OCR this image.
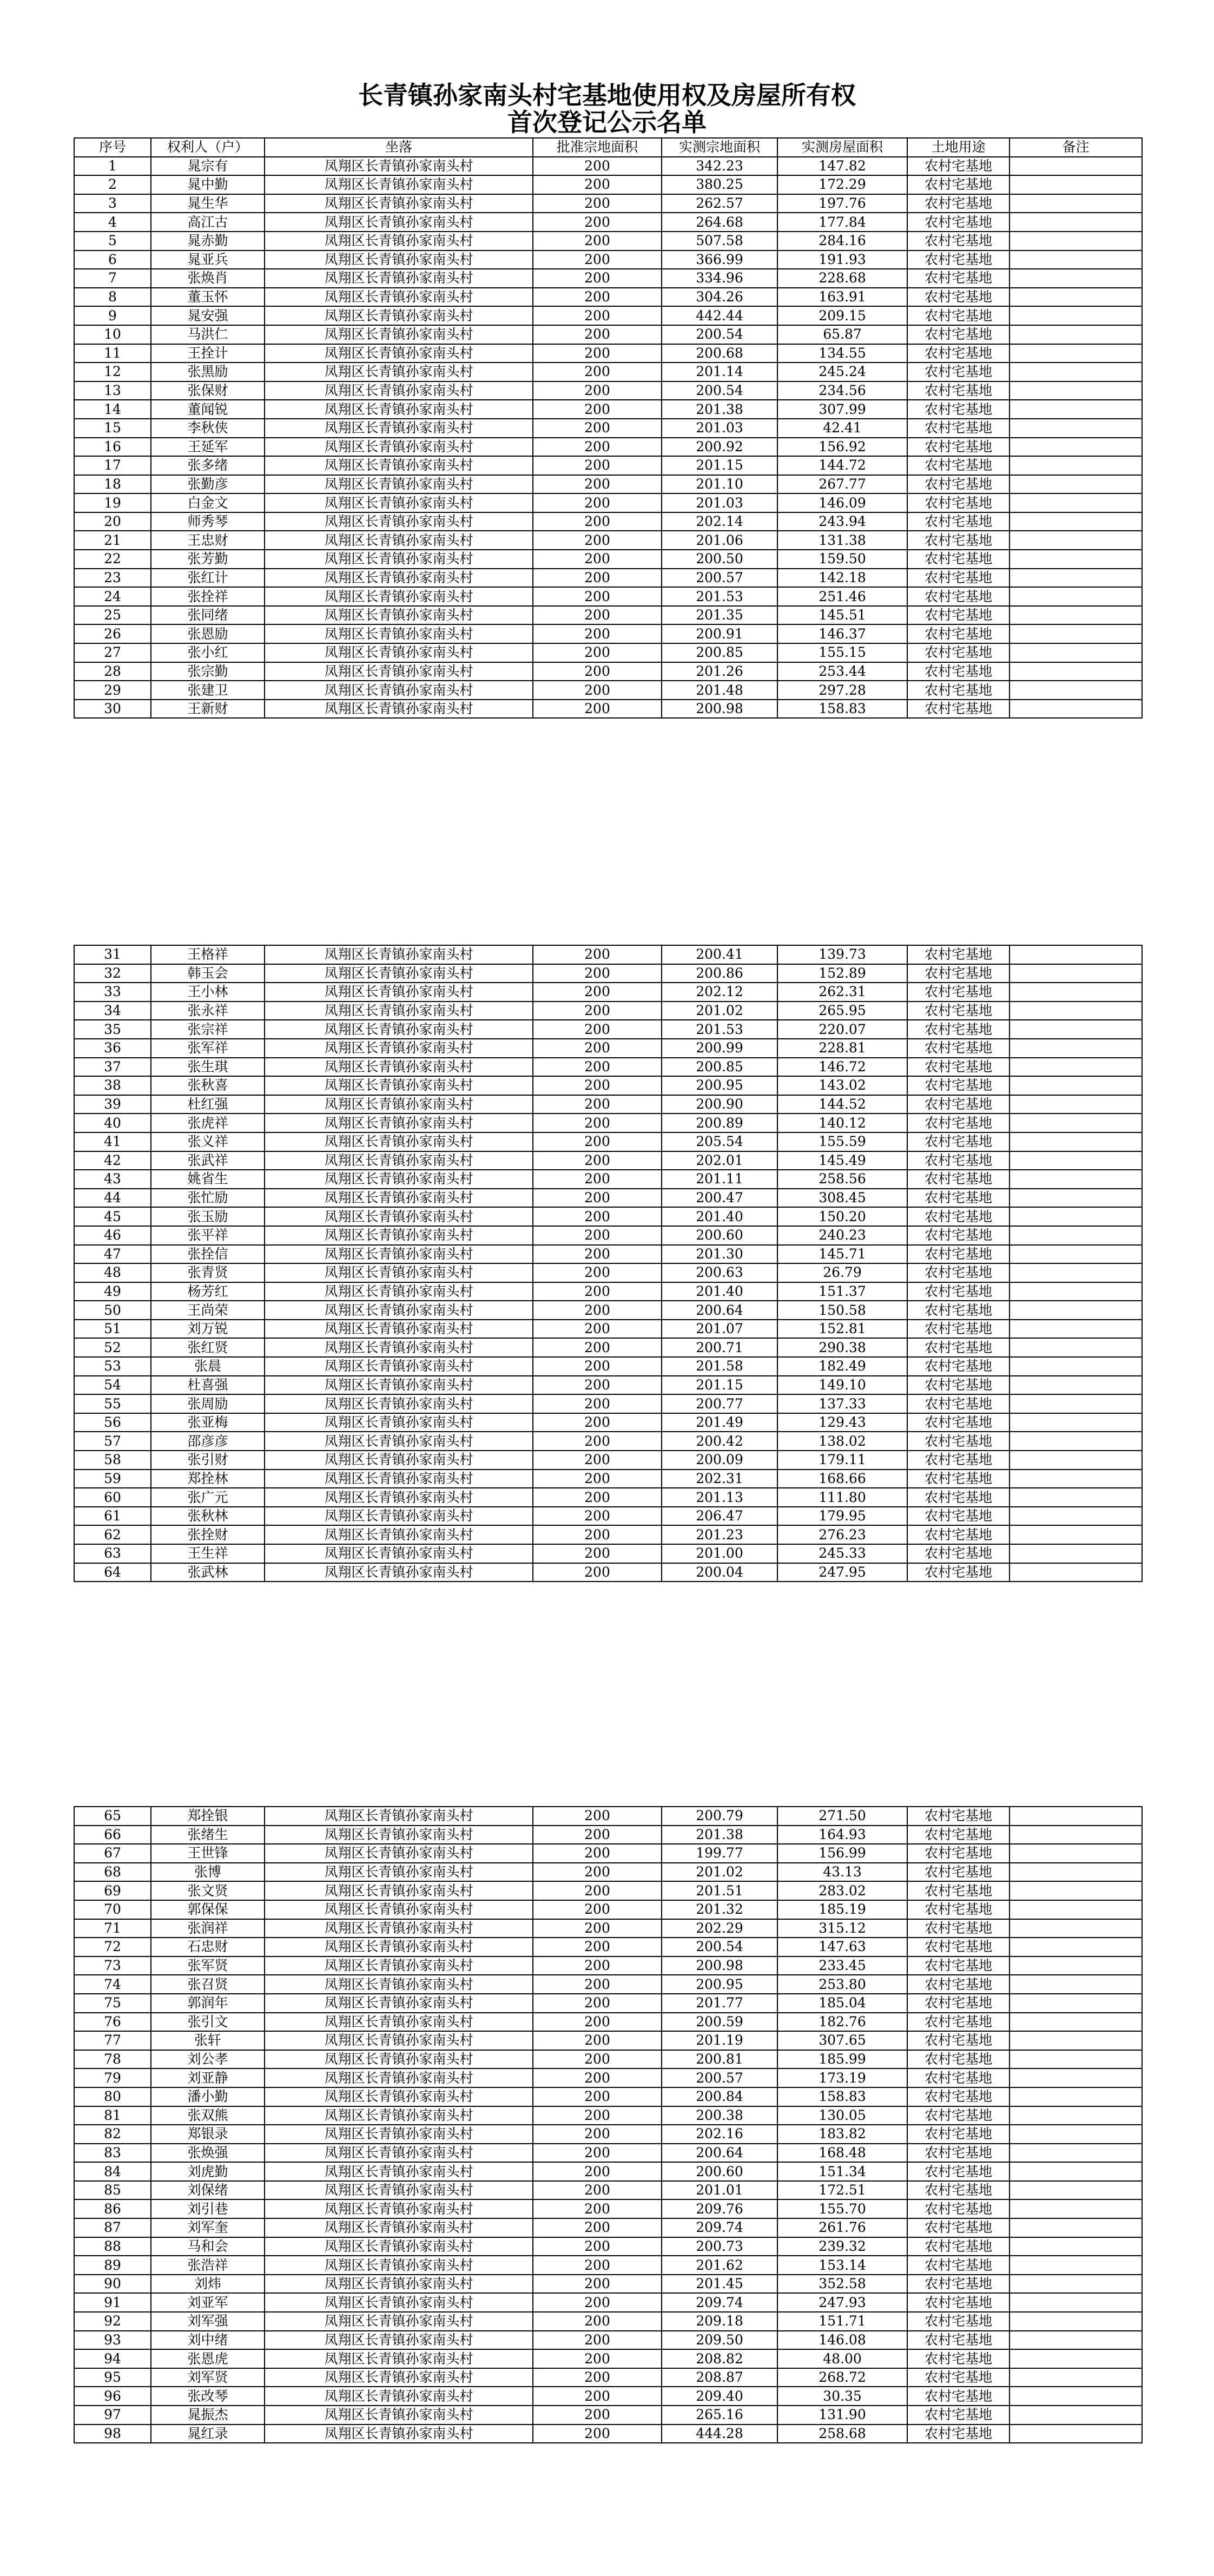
长青镇孙家南头村宅基地使用权及房屋所有权
首次登记公示名单
序号	权利人（户）	坐落	批准宗地面积	实测宗地面积	实测房屋面积	土地用途	备注
1	晁宗有	凤翔区长青镇孙家南头村	200	342.23	147.82	农村宅基地	
2	晁中勤	凤翔区长青镇孙家南头村	200	380.25	172.29	农村宅基地	
3	晁生华	凤翔区长青镇孙家南头村	200	262.57	197.76	农村宅基地	
4	高江古	凤翔区长青镇孙家南头村	200	264.68	177.84	农村宅基地	
5	晁赤勤	凤翔区长青镇孙家南头村	200	507.58	284.16	农村宅基地	
6	晁亚兵	凤翔区长青镇孙家南头村	200	366.99	191.93	农村宅基地	
7	张焕肖	凤翔区长青镇孙家南头村	200	334.96	228.68	农村宅基地	
8	董玉怀	凤翔区长青镇孙家南头村	200	304.26	163.91	农村宅基地	
9	晁安强	凤翔区长青镇孙家南头村	200	442.44	209.15	农村宅基地	
10	马洪仁	凤翔区长青镇孙家南头村	200	200.54	65.87	农村宅基地	
11	王拴计	凤翔区长青镇孙家南头村	200	200.68	134.55	农村宅基地	
12	张黑励	凤翔区长青镇孙家南头村	200	201.14	245.24	农村宅基地	
13	张保财	凤翔区长青镇孙家南头村	200	200.54	234.56	农村宅基地	
14	董闻锐	凤翔区长青镇孙家南头村	200	201.38	307.99	农村宅基地	
15	李秋侠	凤翔区长青镇孙家南头村	200	201.03	42.41	农村宅基地	
16	王延军	凤翔区长青镇孙家南头村	200	200.92	156.92	农村宅基地	
17	张多绪	凤翔区长青镇孙家南头村	200	201.15	144.72	农村宅基地	
18	张勤彦	凤翔区长青镇孙家南头村	200	201.10	267.77	农村宅基地	
19	白金文	凤翔区长青镇孙家南头村	200	201.03	146.09	农村宅基地	
20	师秀琴	凤翔区长青镇孙家南头村	200	202.14	243.94	农村宅基地	
21	王忠财	凤翔区长青镇孙家南头村	200	201.06	131.38	农村宅基地	
22	张芳勤	凤翔区长青镇孙家南头村	200	200.50	159.50	农村宅基地	
23	张红计	凤翔区长青镇孙家南头村	200	200.57	142.18	农村宅基地	
24	张拴祥	凤翔区长青镇孙家南头村	200	201.53	251.46	农村宅基地	
25	张同绪	凤翔区长青镇孙家南头村	200	201.35	145.51	农村宅基地	
26	张恩励	凤翔区长青镇孙家南头村	200	200.91	146.37	农村宅基地	
27	张小红	凤翔区长青镇孙家南头村	200	200.85	155.15	农村宅基地	
28	张宗勤	凤翔区长青镇孙家南头村	200	201.26	253.44	农村宅基地	
29	张建卫	凤翔区长青镇孙家南头村	200	201.48	297.28	农村宅基地	
30	王新财	凤翔区长青镇孙家南头村	200	200.98	158.83	农村宅基地	
31	王格祥	凤翔区长青镇孙家南头村	200	200.41	139.73	农村宅基地	
32	韩玉会	凤翔区长青镇孙家南头村	200	200.86	152.89	农村宅基地	
33	王小林	凤翔区长青镇孙家南头村	200	202.12	262.31	农村宅基地	
34	张永祥	凤翔区长青镇孙家南头村	200	201.02	265.95	农村宅基地	
35	张宗祥	凤翔区长青镇孙家南头村	200	201.53	220.07	农村宅基地	
36	张军祥	凤翔区长青镇孙家南头村	200	200.99	228.81	农村宅基地	
37	张生琪	凤翔区长青镇孙家南头村	200	200.85	146.72	农村宅基地	
38	张秋喜	凤翔区长青镇孙家南头村	200	200.95	143.02	农村宅基地	
39	杜红强	凤翔区长青镇孙家南头村	200	200.90	144.52	农村宅基地	
40	张虎祥	凤翔区长青镇孙家南头村	200	200.89	140.12	农村宅基地	
41	张义祥	凤翔区长青镇孙家南头村	200	205.54	155.59	农村宅基地	
42	张武祥	凤翔区长青镇孙家南头村	200	202.01	145.49	农村宅基地	
43	姚省生	凤翔区长青镇孙家南头村	200	201.11	258.56	农村宅基地	
44	张忙励	凤翔区长青镇孙家南头村	200	200.47	308.45	农村宅基地	
45	张玉励	凤翔区长青镇孙家南头村	200	201.40	150.20	农村宅基地	
46	张平祥	凤翔区长青镇孙家南头村	200	200.60	240.23	农村宅基地	
47	张拴信	凤翔区长青镇孙家南头村	200	201.30	145.71	农村宅基地	
48	张青贤	凤翔区长青镇孙家南头村	200	200.63	26.79	农村宅基地	
49	杨芳红	凤翔区长青镇孙家南头村	200	201.40	151.37	农村宅基地	
50	王尚荣	凤翔区长青镇孙家南头村	200	200.64	150.58	农村宅基地	
51	刘万锐	凤翔区长青镇孙家南头村	200	201.07	152.81	农村宅基地	
52	张红贤	凤翔区长青镇孙家南头村	200	200.71	290.38	农村宅基地	
53	张晨	凤翔区长青镇孙家南头村	200	201.58	182.49	农村宅基地	
54	杜喜强	凤翔区长青镇孙家南头村	200	201.15	149.10	农村宅基地	
55	张周励	凤翔区长青镇孙家南头村	200	200.77	137.33	农村宅基地	
56	张亚梅	凤翔区长青镇孙家南头村	200	201.49	129.43	农村宅基地	
57	邵彦彦	凤翔区长青镇孙家南头村	200	200.42	138.02	农村宅基地	
58	张引财	凤翔区长青镇孙家南头村	200	200.09	179.11	农村宅基地	
59	郑拴林	凤翔区长青镇孙家南头村	200	202.31	168.66	农村宅基地	
60	张广元	凤翔区长青镇孙家南头村	200	201.13	111.80	农村宅基地	
61	张秋林	凤翔区长青镇孙家南头村	200	206.47	179.95	农村宅基地	
62	张拴财	凤翔区长青镇孙家南头村	200	201.23	276.23	农村宅基地	
63	王生祥	凤翔区长青镇孙家南头村	200	201.00	245.33	农村宅基地	
64	张武林	凤翔区长青镇孙家南头村	200	200.04	247.95	农村宅基地	
65	郑拴银	凤翔区长青镇孙家南头村	200	200.79	271.50	农村宅基地	
66	张绪生	凤翔区长青镇孙家南头村	200	201.38	164.93	农村宅基地	
67	王世锋	凤翔区长青镇孙家南头村	200	199.77	156.99	农村宅基地	
68	张博	凤翔区长青镇孙家南头村	200	201.02	43.13	农村宅基地	
69	张文贤	凤翔区长青镇孙家南头村	200	201.51	283.02	农村宅基地	
70	郭保保	凤翔区长青镇孙家南头村	200	201.32	185.19	农村宅基地	
71	张润祥	凤翔区长青镇孙家南头村	200	202.29	315.12	农村宅基地	
72	石忠财	凤翔区长青镇孙家南头村	200	200.54	147.63	农村宅基地	
73	张军贤	凤翔区长青镇孙家南头村	200	200.98	233.45	农村宅基地	
74	张召贤	凤翔区长青镇孙家南头村	200	200.95	253.80	农村宅基地	
75	郭润年	凤翔区长青镇孙家南头村	200	201.77	185.04	农村宅基地	
76	张引文	凤翔区长青镇孙家南头村	200	200.59	182.76	农村宅基地	
77	张轩	凤翔区长青镇孙家南头村	200	201.19	307.65	农村宅基地	
78	刘公孝	凤翔区长青镇孙家南头村	200	200.81	185.99	农村宅基地	
79	刘亚静	凤翔区长青镇孙家南头村	200	200.57	173.19	农村宅基地	
80	潘小勤	凤翔区长青镇孙家南头村	200	200.84	158.83	农村宅基地	
81	张双熊	凤翔区长青镇孙家南头村	200	200.38	130.05	农村宅基地	
82	郑银录	凤翔区长青镇孙家南头村	200	202.16	183.82	农村宅基地	
83	张焕强	凤翔区长青镇孙家南头村	200	200.64	168.48	农村宅基地	
84	刘虎勤	凤翔区长青镇孙家南头村	200	200.60	151.34	农村宅基地	
85	刘保绪	凤翔区长青镇孙家南头村	200	201.01	172.51	农村宅基地	
86	刘引巷	凤翔区长青镇孙家南头村	200	209.76	155.70	农村宅基地	
87	刘军奎	凤翔区长青镇孙家南头村	200	209.74	261.76	农村宅基地	
88	马和会	凤翔区长青镇孙家南头村	200	200.73	239.32	农村宅基地	
89	张浩祥	凤翔区长青镇孙家南头村	200	201.62	153.14	农村宅基地	
90	刘炜	凤翔区长青镇孙家南头村	200	201.45	352.58	农村宅基地	
91	刘亚军	凤翔区长青镇孙家南头村	200	209.74	247.93	农村宅基地	
92	刘军强	凤翔区长青镇孙家南头村	200	209.18	151.71	农村宅基地	
93	刘中绪	凤翔区长青镇孙家南头村	200	209.50	146.08	农村宅基地	
94	张恩虎	凤翔区长青镇孙家南头村	200	208.82	48.00	农村宅基地	
95	刘军贤	凤翔区长青镇孙家南头村	200	208.87	268.72	农村宅基地	
96	张改琴	凤翔区长青镇孙家南头村	200	209.40	30.35	农村宅基地	
97	晁振杰	凤翔区长青镇孙家南头村	200	265.16	131.90	农村宅基地	
98	晁红录	凤翔区长青镇孙家南头村	200	444.28	258.68	农村宅基地	
